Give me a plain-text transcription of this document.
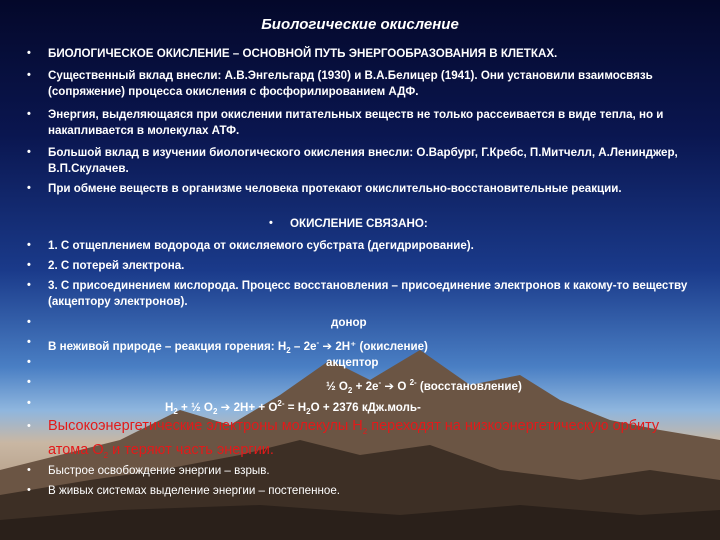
Биологические окисление
• БИОЛОГИЧЕСКОЕ ОКИСЛЕНИЕ – ОСНОВНОЙ ПУТЬ ЭНЕРГООБРАЗОВАНИЯ В КЛЕТКАХ.
• Существенный вклад внесли: А.В.Энгельгард (1930) и В.А.Белицер (1941). Они установили взаимосвязь (сопряжение) процесса окисления с фосфорилированием АДФ.
• Энергия, выделяющаяся при окислении питательных веществ не только рассеивается в виде тепла, но и накапливается в молекулах АТФ.
• Большой вклад в изучении биологического окисления внесли: О.Варбург, Г.Кребс, П.Митчелл, А.Ленинджер, В.П.Скулачев.
• При обмене веществ в организме человека протекают окислительно-восстановительные реакции.
• ОКИСЛЕНИЕ СВЯЗАНО:
• 1. С отщеплением водорода от окисляемого субстрата (дегидрирование).
• 2. С потерей электрона.
• 3. С присоединением кислорода. Процесс восстановления – присоединение электронов к какому-то веществу (акцептору электронов).
•	донор
• В неживой природе – реакция горения: $H_2 - 2e^-$ ➔ 2H⁺ (окисление)
•	акцептор
•	½ $O_2 + 2e^-$ ➔ O $^{2-}$ (восстановление)
•	$H_2$ + ½ $O_2$ ➔ $2H+ + O^{2-} = H_2O + 2376$ кДж.моль-
• Высокоэнергетические электроны молекулы $H_2$ переходят на низкоэнергетическую орбиту атома $O_2$ и теряют часть энергии.
• Быстрое освобождение энергии – взрыв.
• В живых системах выделение энергии – постепенное.
